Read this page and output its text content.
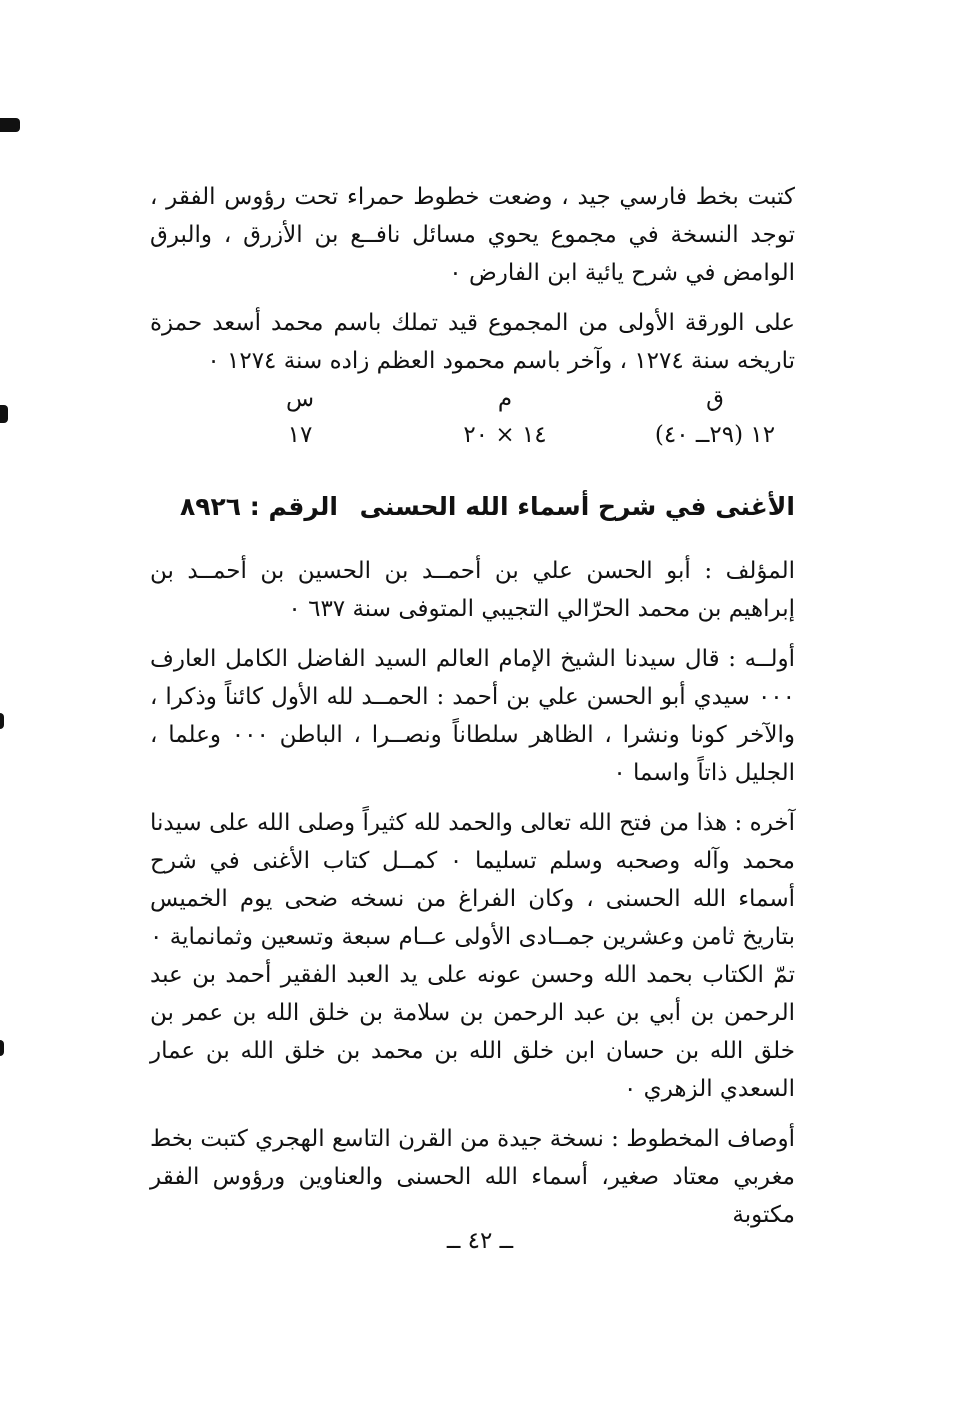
كتبت بخط فارسي جيد ، وضعت خطوط حمراء تحت رؤوس الفقر ، توجد النسخة في مجموع يحوي مسائل نافــع بن الأزرق ، والبرق الوامض في شرح يائية ابن الفارض ٠

على الورقة الأولى من المجموع قيد تملك باسم محمد أسعد حمزة تاريخه سنة ١٢٧٤ ، وآخر باسم محمود العظم زاده سنة ١٢٧٤ ٠

ق
م
س
١٢ (٢٩ــ ٤٠)
١٤ × ٢٠
١٧
الأغنى في شرح أسماء الله الحسنى
الرقم : ٨٩٢٦

المؤلف : أبو الحسن علي بن أحمــد بن الحسين بن أحمــد بن إبراهيم بن محمد الحرّالي التجيبي المتوفى سنة ٦٣٧ ٠

أولــه : قال سيدنا الشيخ الإمام العالم السيد الفاضل الكامل العارف ٠٠٠ سيدي أبو الحسن علي بن أحمد : الحمــد لله الأول كائناً وذكرا ، والآخر كونا ونشرا ، الظاهر سلطاناً ونصــرا ، الباطن ٠٠٠ وعلما ، الجليل ذاتاً واسما ٠

آخره : هذا من فتح الله تعالى والحمد لله كثيراً وصلى الله على سيدنا محمد وآله وصحبه وسلم تسليما ٠ كمــل كتاب الأغنى في شرح أسماء الله الحسنى ، وكان الفراغ من نسخه ضحى يوم الخميس بتاريخ ثامن وعشرين جمــادى الأولى عــام سبعة وتسعين وثمانماية ٠ تمّ الكتاب بحمد الله وحسن عونه على يد العبد الفقير أحمد بن عبد الرحمن بن أبي بن عبد الرحمن بن سلامة بن خلق الله بن عمر بن خلق الله بن حسان ابن خلق الله بن محمد بن خلق الله بن عمار السعدي الزهري ٠

أوصاف المخطوط : نسخة جيدة من القرن التاسع الهجري كتبت بخط مغربي معتاد صغير، أسماء الله الحسنى والعناوين ورؤوس الفقر مكتوبة

ــ ٤٢ ــ
